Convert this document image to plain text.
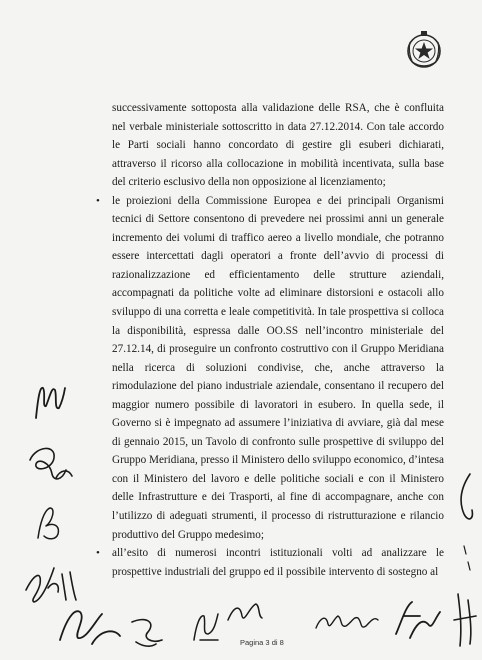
successivamente sottoposta alla validazione delle RSA, che è confluita nel verbale ministeriale sottoscritto in data 27.12.2014. Con tale accordo le Parti sociali hanno concordato di gestire gli esuberi dichiarati, attraverso il ricorso alla collocazione in mobilità incentivata, sulla base del criterio esclusivo della non opposizione al licenziamento;

• le proiezioni della Commissione Europea e dei principali Organismi tecnici di Settore consentono di prevedere nei prossimi anni un generale incremento dei volumi di traffico aereo a livello mondiale, che potranno essere intercettati dagli operatori a fronte dell’avvio di processi di razionalizzazione ed efficientamento delle strutture aziendali, accompagnati da politiche volte ad eliminare distorsioni e ostacoli allo sviluppo di una corretta e leale competitività. In tale prospettiva si colloca la disponibilità, espressa dalle OO.SS nell’incontro ministeriale del 27.12.14, di proseguire un confronto costruttivo con il Gruppo Meridiana nella ricerca di soluzioni condivise, che, anche attraverso la rimodulazione del piano industriale aziendale, consentano il recupero del maggior numero possibile di lavoratori in esubero. In quella sede, il Governo si è impegnato ad assumere l’iniziativa di avviare, già dal mese di gennaio 2015, un Tavolo di confronto sulle prospettive di sviluppo del Gruppo Meridiana, presso il Ministero dello sviluppo economico, d’intesa con il Ministero del lavoro e delle politiche sociali e con il Ministero delle Infrastrutture e dei Trasporti, al fine di accompagnare, anche con l’utilizzo di adeguati strumenti, il processo di ristrutturazione e rilancio produttivo del Gruppo medesimo;

• all’esito di numerosi incontri istituzionali volti ad analizzare le prospettive industriali del gruppo ed il possibile intervento di sostegno al

Pagina 3 di 8
